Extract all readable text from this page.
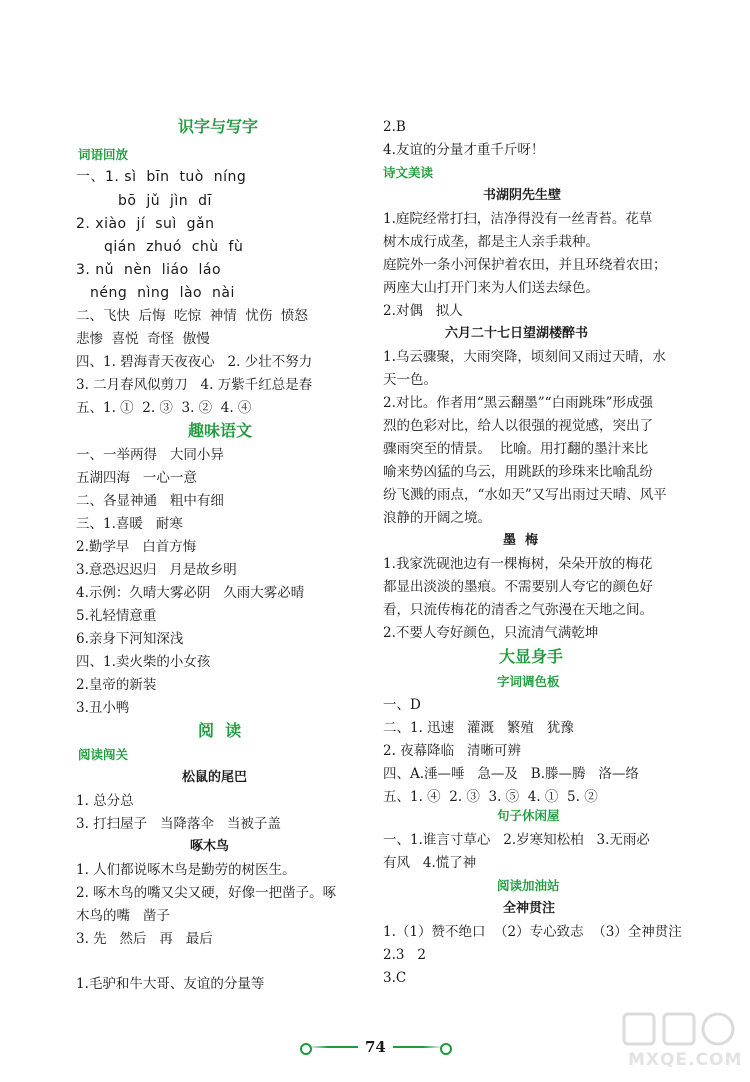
识字与写字
词语回放
一、1. sì  bīn  tuò  níng
bō  jǔ  jìn  dī
2. xiào  jí  suì  gǎn
qián  zhuó  chù  fù
3. nǔ  nèn  liáo  láo
néng  nìng  lào  nài
二、飞快  后悔  吃惊  神情  忧伤  愤怒
悲惨  喜悦  奇怪  傲慢
四、1. 碧海青天夜夜心   2. 少壮不努力
3. 二月春风似剪刀   4. 万紫千红总是春
五、1. ①  2. ③  3. ②  4. ④
趣味语文
一、一举两得   大同小异
五湖四海   一心一意
二、各显神通   粗中有细
三、1.喜暖   耐寒
2.勤学早   白首方悔
3.意恐迟迟归   月是故乡明
4.示例：久晴大雾必阴   久雨大雾必晴
5.礼轻情意重
6.亲身下河知深浅
四、1.卖火柴的小女孩
2.皇帝的新装
3.丑小鸭
阅  读
阅读闯关
松鼠的尾巴
1. 总分总
3. 打扫屋子   当降落伞   当被子盖
啄木鸟
1. 人们都说啄木鸟是勤劳的树医生。
2. 啄木鸟的嘴又尖又硬，好像一把凿子。啄
木鸟的嘴   凿子
3. 先   然后   再   最后
1.毛驴和牛大哥、友谊的分量等
2.B
4.友谊的分量才重千斤呀！
诗文美读
书湖阴先生壁
1.庭院经常打扫，洁净得没有一丝青苔。花草
树木成行成垄，都是主人亲手栽种。
庭院外一条小河保护着农田，并且环绕着农田；
两座大山打开门来为人们送去绿色。
2.对偶   拟人
六月二十七日望湖楼醉书
1.乌云骤聚，大雨突降，顷刻间又雨过天晴，水
天一色。
2.对比。作者用“黑云翻墨”“白雨跳珠”形成强
烈的色彩对比，给人以很强的视觉感，突出了
骤雨突至的情景。  比喻。用打翻的墨汁来比
喻来势凶猛的乌云，用跳跃的珍珠来比喻乱纷
纷飞溅的雨点，“水如天”又写出雨过天晴、风平
浪静的开阔之境。
墨  梅
1.我家洗砚池边有一棵梅树，朵朵开放的梅花
都显出淡淡的墨痕。不需要别人夸它的颜色好
看，只流传梅花的清香之气弥漫在天地之间。
2.不要人夸好颜色，只流清气满乾坤
大显身手
字词调色板
一、D
二、1. 迅速   灌溉   繁殖   犹豫
2. 夜幕降临   清晰可辨
四、A.涶—唾   急—及   B.滕—腾   洛—络
五、1. ④  2. ③  3. ⑤  4. ①  5. ②
句子休闲屋
一、1.谁言寸草心   2.岁寒知松柏   3.无雨必
有风   4.慌了神
阅读加油站
全神贯注
1.（1）赞不绝口  （2）专心致志  （3）全神贯注
2.3   2
3.C
74
MXQE.COM
